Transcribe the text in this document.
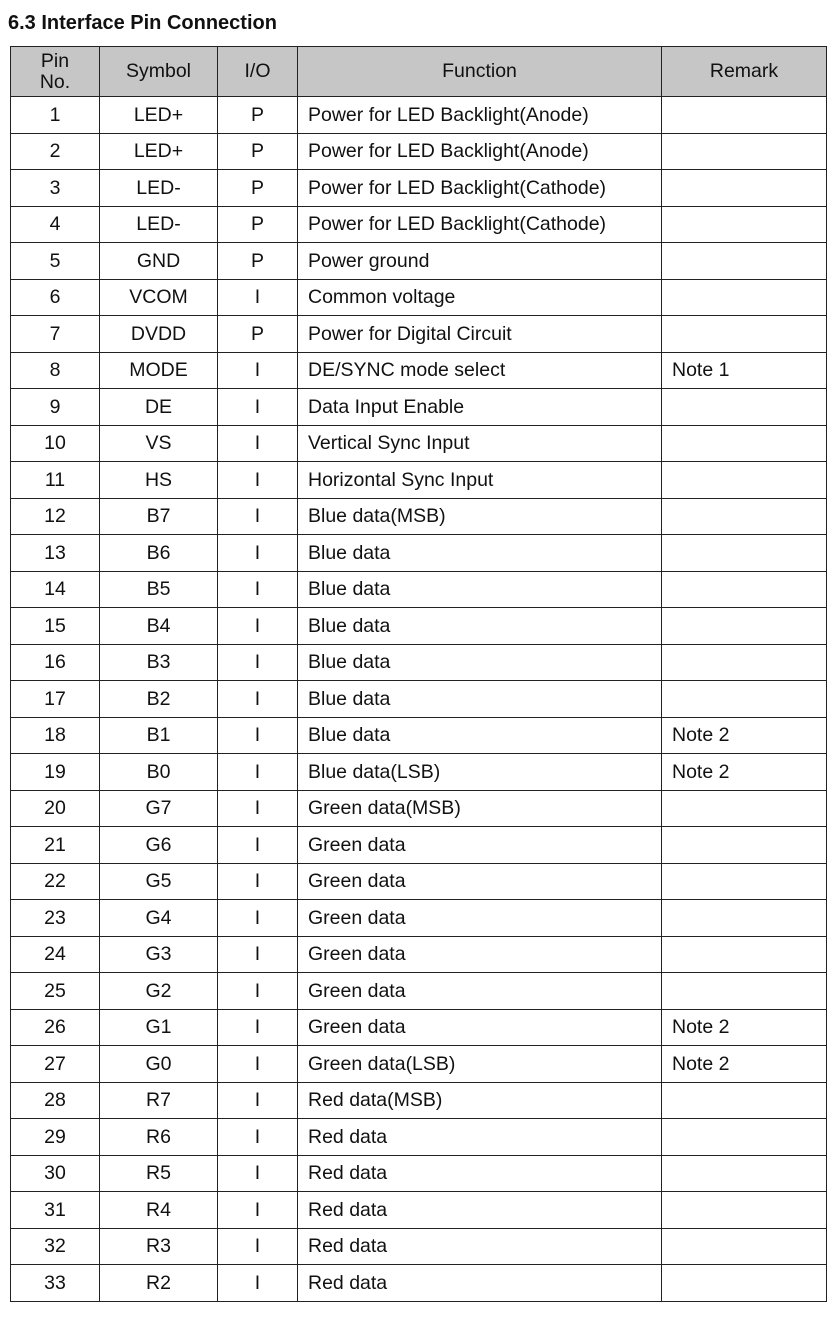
6.3 Interface Pin Connection
Pin
No.	Symbol	I/O	Function	Remark
1	LED+	P	Power for LED Backlight(Anode)	
2	LED+	P	Power for LED Backlight(Anode)	
3	LED-	P	Power for LED Backlight(Cathode)	
4	LED-	P	Power for LED Backlight(Cathode)	
5	GND	P	Power ground	
6	VCOM	I	Common voltage	
7	DVDD	P	Power for Digital Circuit	
8	MODE	I	DE/SYNC mode select	Note 1
9	DE	I	Data Input Enable	
10	VS	I	Vertical Sync Input	
11	HS	I	Horizontal Sync Input	
12	B7	I	Blue data(MSB)	
13	B6	I	Blue data	
14	B5	I	Blue data	
15	B4	I	Blue data	
16	B3	I	Blue data	
17	B2	I	Blue data	
18	B1	I	Blue data	Note 2
19	B0	I	Blue data(LSB)	Note 2
20	G7	I	Green data(MSB)	
21	G6	I	Green data	
22	G5	I	Green data	
23	G4	I	Green data	
24	G3	I	Green data	
25	G2	I	Green data	
26	G1	I	Green data	Note 2
27	G0	I	Green data(LSB)	Note 2
28	R7	I	Red data(MSB)	
29	R6	I	Red data	
30	R5	I	Red data	
31	R4	I	Red data	
32	R3	I	Red data	
33	R2	I	Red data	
